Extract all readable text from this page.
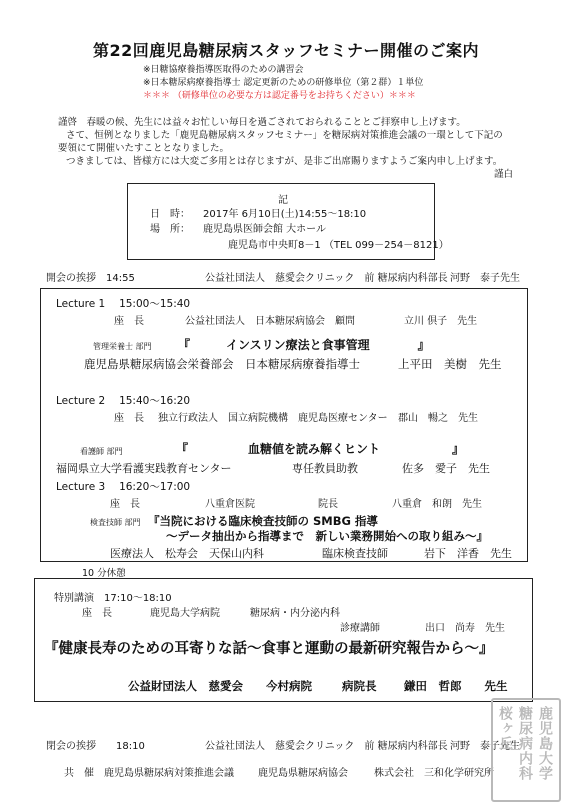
第22回鹿児島糖尿病スタッフセミナー開催のご案内
※日糖協療養指導医取得のための講習会
※日本糖尿病療養指導士 認定更新のための研修単位（第２群）１単位
＊＊＊ （研修単位の必要な方は認定番号をお持ちください）＊＊＊
謹啓　春暖の候、先生には益々お忙しい毎日を過ごされておられることとご拝察申し上げます。
さて、恒例となりました「鹿児島糖尿病スタッフセミナー」を糖尿病対策推進会議の一環として下記の
要領にて開催いたすこととなりました。
つきましては、皆様方には大変ご多用とは存じますが、是非ご出席賜りますようご案内申し上げます。
謹白
記
日　時： 2017年 6月10日(土)14:55～18:10
場　所： 鹿児島県医師会館 大ホール
鹿児島市中央町8－1 （TEL 099－254－8121）
開会の挨拶　14:55	公益社団法人　慈愛会クリニック　前 糖尿病内科部長 河野　泰子先生
Lecture 1　 15:00～15:40
座　長	公益社団法人　日本糖尿病協会　顧問	立川 倶子　先生
管理栄養士 部門 『　　　インスリン療法と食事管理　　　　』
鹿児島県糖尿病協会栄養部会　日本糖尿病療養指導士	上平田　美樹　先生
Lecture 2　 15:40～16:20
座　長 独立行政法人　国立病院機構　鹿児島医療センター 郡山　暢之　先生
看護師 部門	『　　　　　血糖値を読み解くヒント　　　　　　』
福岡県立大学看護実践教育センター	専任教員助教	佐多　愛子　先生
Lecture 3　 16:20～17:00
座　長	八重倉医院	院長	八重倉　和朗　先生
検査技師 部門 『当院における臨床検査技師の SMBG 指導
～データ抽出から指導まで　新しい業務開始への取り組み～』
医療法人　松寿会　天保山内科	臨床検査技師	岩下　洋香　先生
10 分休憩
特別講演　17:10～18:10
座　長	鹿児島大学病院	糖尿病・内分泌内科
診療講師	出口　尚寿　先生
『健康長寿のための耳寄りな話～食事と運動の最新研究報告から～』
公益財団法人　慈愛会　　今村病院	病院長 鎌田　哲郎　　先生
閉会の挨拶　　18:10	公益社団法人　慈愛会クリニック　前 糖尿病内科部長 河野　泰子先生
共　催 鹿児島県糖尿病対策推進会議 鹿児島県糖尿病協会	株式会社　三和化学研究所	鹿児島大学
糖尿病内科
桜ヶ丘
